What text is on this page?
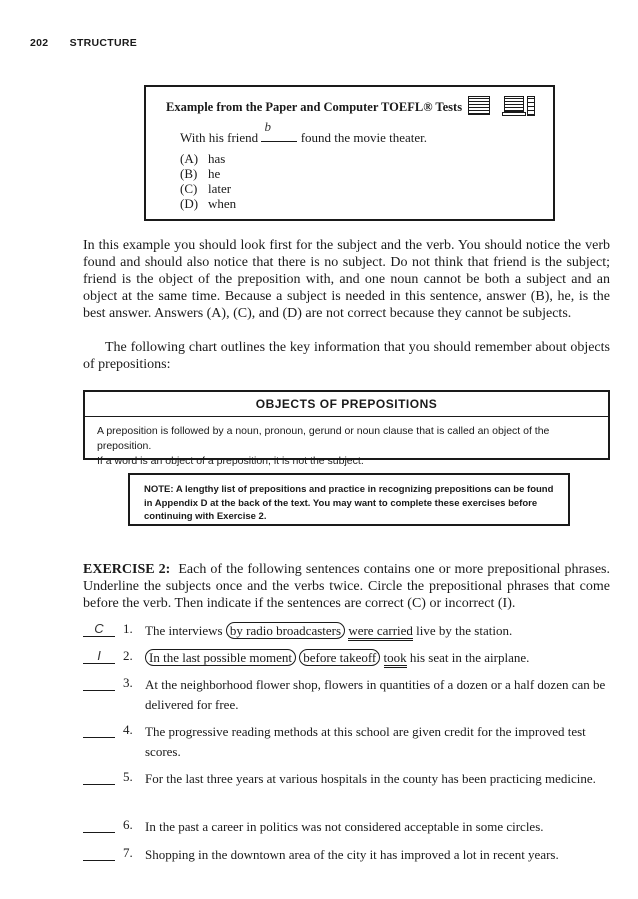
202 STRUCTURE
Example from the Paper and Computer TOEFL® Tests
With his friend
b
found the movie theater.
(A) has
(B) he
(C) later
(D) when
In this example you should look first for the subject and the verb. You should notice the verb found and should also notice that there is no subject. Do not think that friend is the subject; friend is the object of the preposition with, and one noun cannot be both a subject and an object at the same time. Because a subject is needed in this sentence, answer (B), he, is the best answer. Answers (A), (C), and (D) are not correct because they cannot be subjects.
The following chart outlines the key information that you should remember about objects of prepositions:
OBJECTS OF PREPOSITIONS
A preposition is followed by a noun, pronoun, gerund or noun clause that is called an object of the preposition.
If a word is an object of a preposition, it is not the subject.
NOTE: A lengthy list of prepositions and practice in recognizing prepositions can be found in Appendix D at the back of the text. You may want to complete these exercises before continuing with Exercise 2.
EXERCISE 2: Each of the following sentences contains one or more prepositional phrases. Underline the subjects once and the verbs twice. Circle the prepositional phrases that come before the verb. Then indicate if the sentences are correct (C) or incorrect (I).
C	1. The interviews by radio broadcasters were carried live by the station.
I	2.	In the last possible moment before takeoff took his seat in the airplane.
3. At the neighborhood flower shop, flowers in quantities of a dozen or a half dozen can be delivered for free.
4. The progressive reading methods at this school are given credit for the improved test scores.
5. For the last three years at various hospitals in the county has been practicing medicine.
6. In the past a career in politics was not considered acceptable in some circles.
7. Shopping in the downtown area of the city it has improved a lot in recent years.
